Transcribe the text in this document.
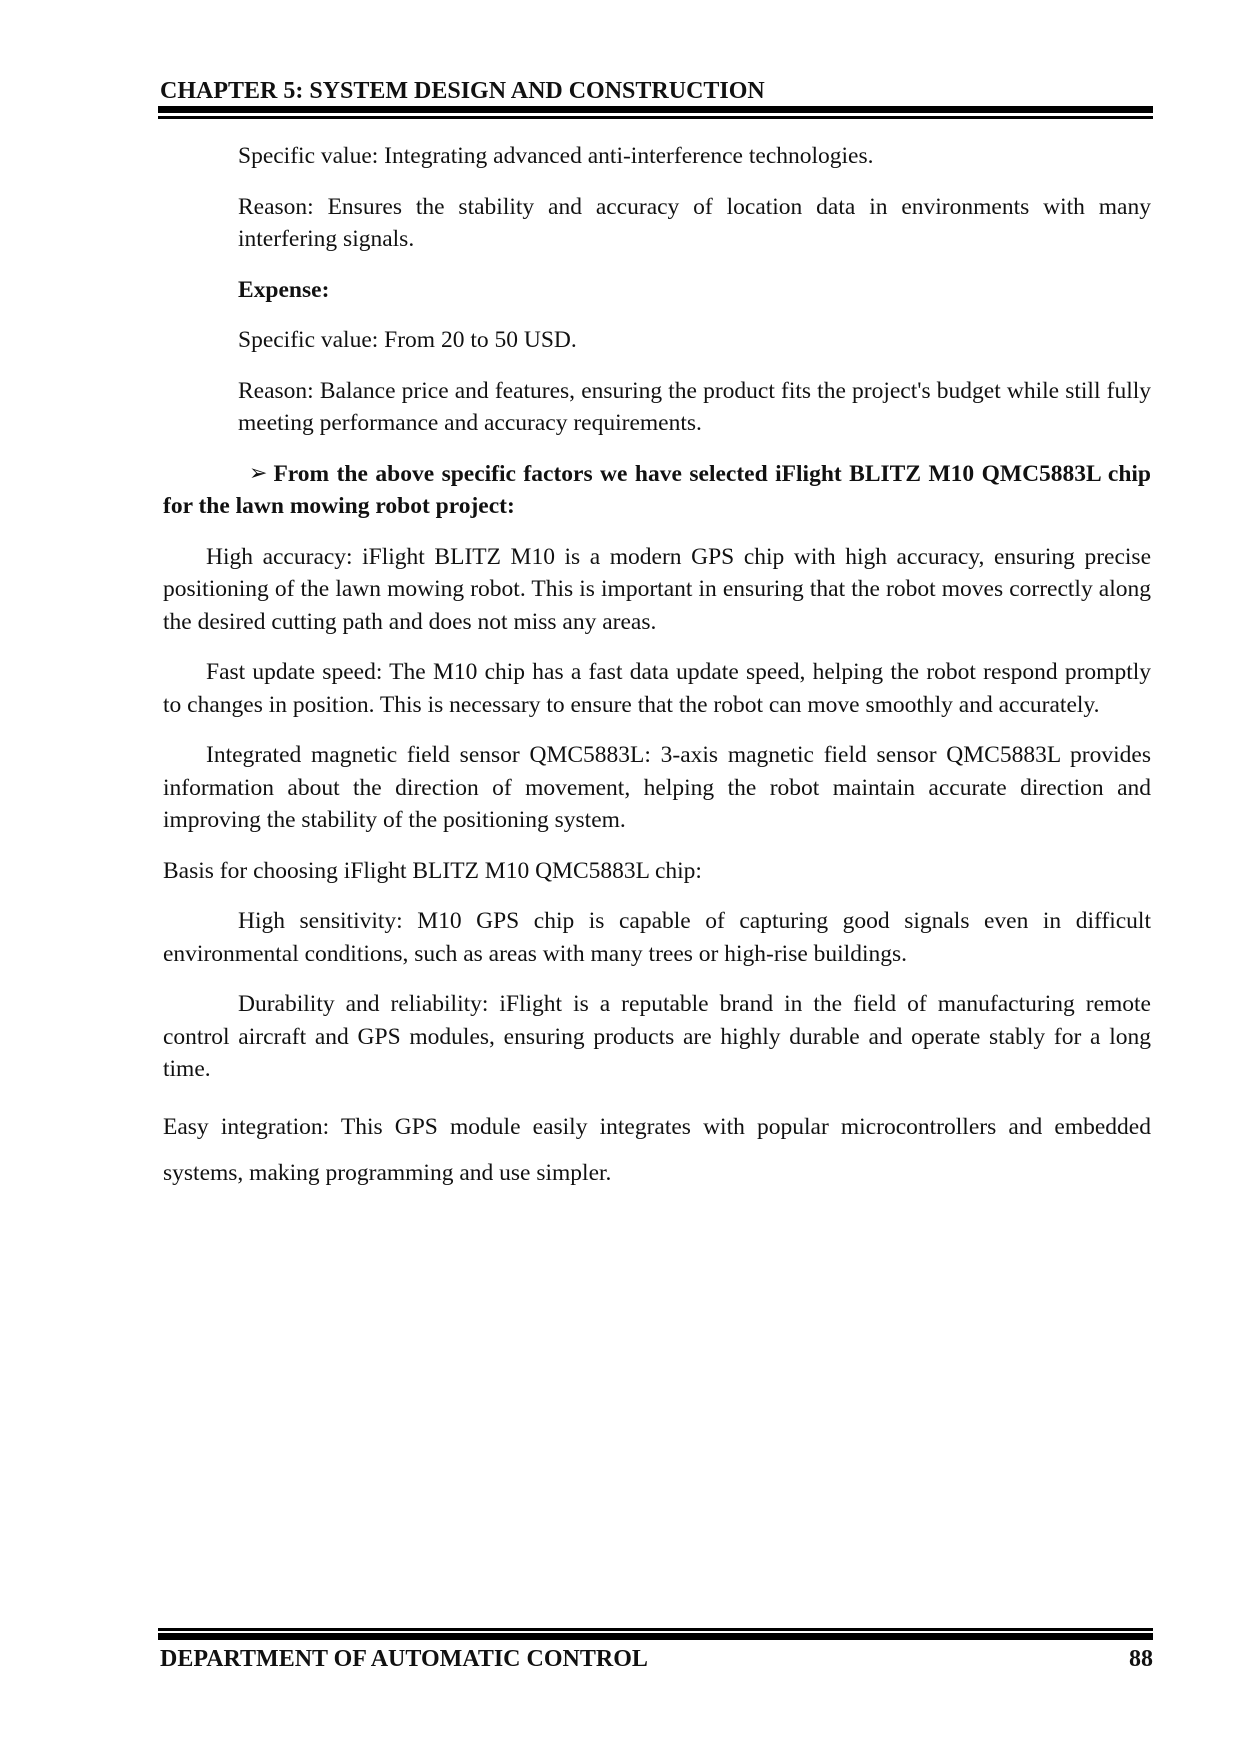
CHAPTER 5: SYSTEM DESIGN AND CONSTRUCTION

Specific value: Integrating advanced anti-interference technologies.

Reason: Ensures the stability and accuracy of location data in environments with many interfering signals.

Expense:

Specific value: From 20 to 50 USD.

Reason: Balance price and features, ensuring the product fits the project's budget while still fully meeting performance and accuracy requirements.

➢ From the above specific factors we have selected iFlight BLITZ M10 QMC5883L chip for the lawn mowing robot project:

High accuracy: iFlight BLITZ M10 is a modern GPS chip with high accuracy, ensuring precise positioning of the lawn mowing robot. This is important in ensuring that the robot moves correctly along the desired cutting path and does not miss any areas.

Fast update speed: The M10 chip has a fast data update speed, helping the robot respond promptly to changes in position. This is necessary to ensure that the robot can move smoothly and accurately.

Integrated magnetic field sensor QMC5883L: 3-axis magnetic field sensor QMC5883L provides information about the direction of movement, helping the robot maintain accurate direction and improving the stability of the positioning system.

Basis for choosing iFlight BLITZ M10 QMC5883L chip:

High sensitivity: M10 GPS chip is capable of capturing good signals even in difficult environmental conditions, such as areas with many trees or high-rise buildings.

Durability and reliability: iFlight is a reputable brand in the field of manufacturing remote control aircraft and GPS modules, ensuring products are highly durable and operate stably for a long time.

Easy integration: This GPS module easily integrates with popular microcontrollers and embedded systems, making programming and use simpler.

DEPARTMENT OF AUTOMATIC CONTROL	88
